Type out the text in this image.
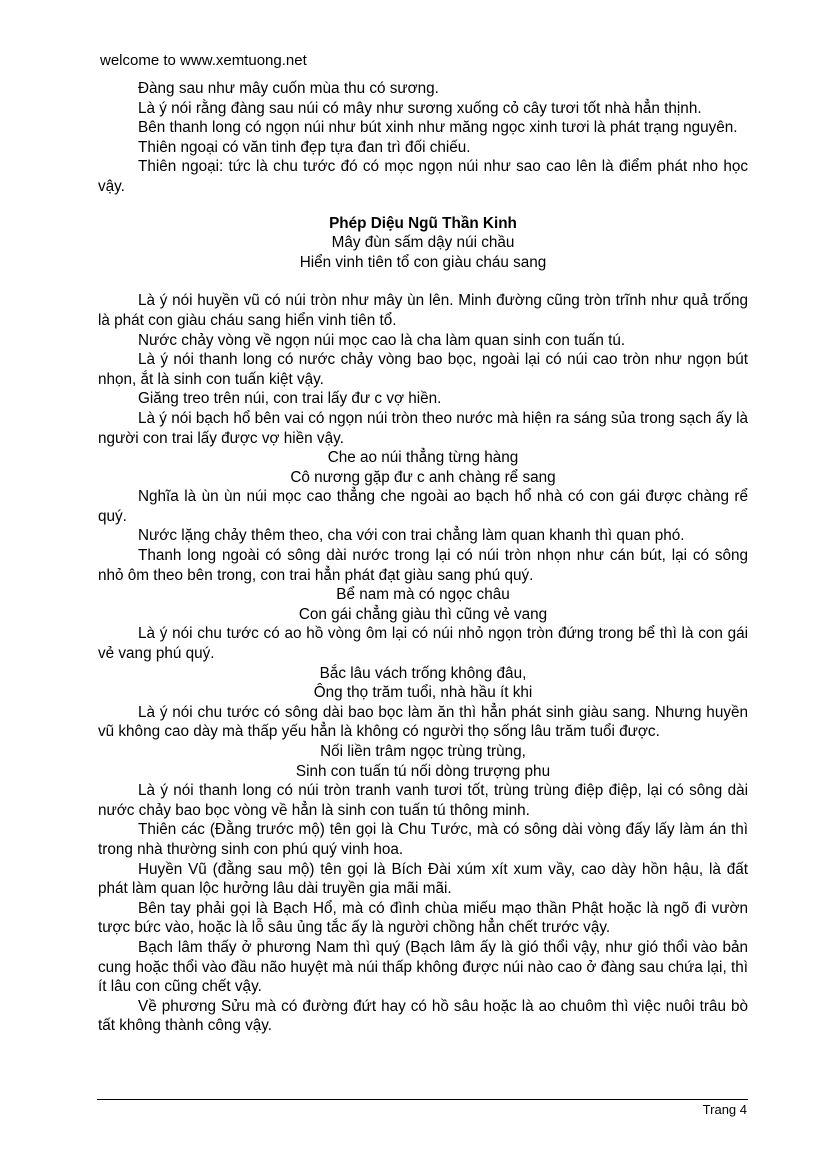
welcome to www.xemtuong.net

Đàng sau như mây cuốn mùa thu có sương.

Là ý nói rằng đàng sau núi có mây như sương xuống cỏ cây tươi tốt nhà hẳn thịnh.

Bên thanh long có ngọn núi như bút xinh như măng ngọc xinh tươi là phát trạng nguyên.

Thiên ngoại có văn tinh đẹp tựa đan trì đối chiếu.

Thiên ngoại: tức là chu tước đó có mọc ngọn núi như sao cao lên là điểm phát nho học vậy.

Phép Diệu Ngũ Thần Kinh

Mây đùn sấm dậy núi chầu

Hiển vinh tiên tổ con giàu cháu sang

Là ý nói huyền vũ có núi tròn như mây ùn lên. Minh đường cũng tròn trĩnh như quả trống là phát con giàu cháu sang hiển vinh tiên tổ.

Nước chảy vòng về ngọn núi mọc cao là cha làm quan sinh con tuấn tú.

Là ý nói thanh long có nước chảy vòng bao bọc, ngoài lại có núi cao tròn như ngọn bút nhọn, ắt là sinh con tuấn kiệt vậy.

Giăng treo trên núi, con trai lấy đư c vợ hiền.

Là ý nói bạch hổ bên vai có ngọn núi tròn theo nước mà hiện ra sáng sủa trong sạch ấy là người con trai lấy được vợ hiền vậy.

Che ao núi thẳng từng hàng

Cô nương gặp đư c anh chàng rể sang

Nghĩa là ùn ùn núi mọc cao thẳng che ngoài ao bạch hổ nhà có con gái được chàng rể quý.

Nước lặng chảy thêm theo, cha với con trai chẳng làm quan khanh thì quan phó.

Thanh long ngoài có sông dài nước trong lại có núi tròn nhọn như cán bút, lại có sông nhỏ ôm theo bên trong, con trai hẳn phát đạt giàu sang phú quý.

Bể nam mà có ngọc châu

Con gái chẳng giàu thì cũng vẻ vang

Là ý nói chu tước có ao hồ vòng ôm lại có núi nhỏ ngọn tròn đứng trong bể thì là con gái vẻ vang phú quý.

Bắc lâu vách trống không đâu,

Ông thọ trăm tuổi, nhà hầu ít khi

Là ý nói chu tước có sông dài bao bọc làm ăn thì hẳn phát sinh giàu sang. Nhưng huyền vũ không cao dày mà thấp yếu hẳn là không có người thọ sống lâu trăm tuổi được.

Nối liền trâm ngọc trùng trùng,

Sinh con tuấn tú nối dòng trượng phu

Là ý nói thanh long có núi tròn tranh vanh tươi tốt, trùng trùng điệp điệp, lại có sông dài nước chảy bao bọc vòng về hẳn là sinh con tuấn tú thông minh.

Thiên các (Đằng trước mộ) tên gọi là Chu Tước, mà có sông dài vòng đấy lấy làm án thì trong nhà thường sinh con phú quý vinh hoa.

Huyền Vũ (đằng sau mộ) tên gọi là Bích Đài xúm xít xum vầy, cao dày hồn hậu, là đất phát làm quan lộc hưởng lâu dài truyền gia mãi mãi.

Bên tay phải gọi là Bạch Hổ, mà có đình chùa miếu mạo thần Phật hoặc là ngõ đi vườn tược bức vào, hoặc là lỗ sâu ủng tắc ấy là người chồng hẳn chết trước vậy.

Bạch lâm thấy ở phương Nam thì quý (Bạch lâm ấy là gió thổi vậy, như gió thổi vào bản cung hoặc thổi vào đầu não huyệt mà núi thấp không được núi nào cao ở đàng sau chứa lại, thì ít lâu con cũng chết vậy.

Về phương Sửu mà có đường đứt hay có hồ sâu hoặc là ao chuôm thì việc nuôi trâu bò tất không thành công vậy.

Trang 4
